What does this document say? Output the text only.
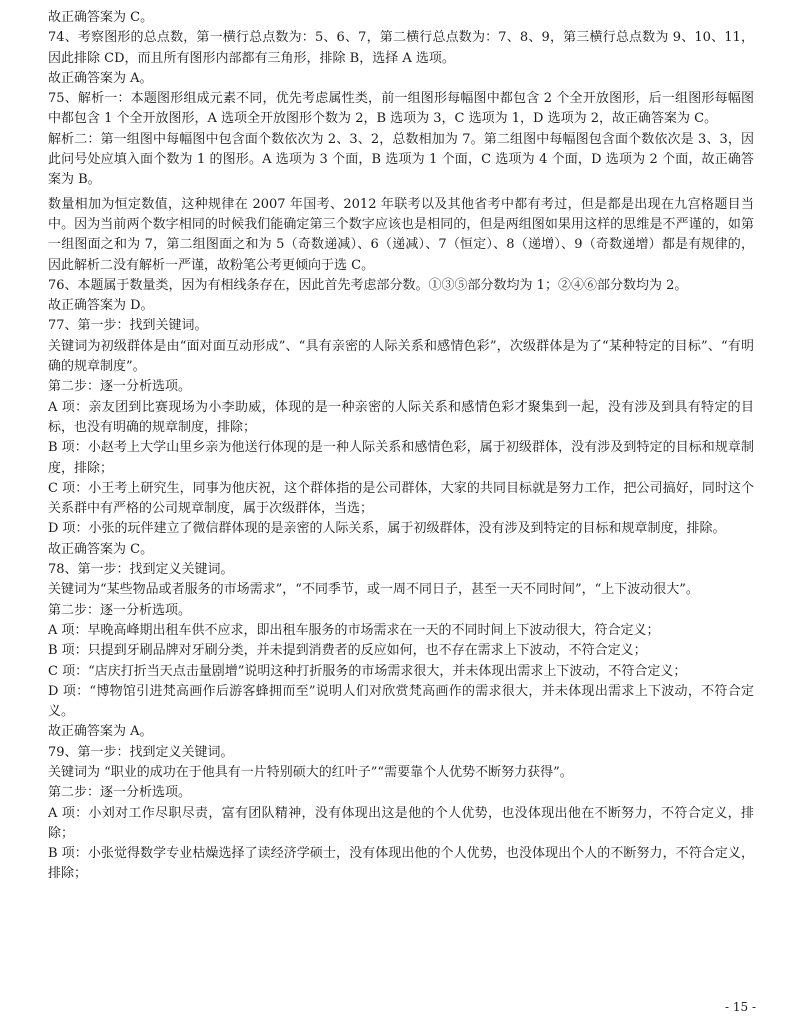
故正确答案为 C。

74、考察图形的总点数，第一横行总点数为：5、6、7，第二横行总点数为：7、8、9，第三横行总点数为 9、10、11，因此排除 CD，而且所有图形内部都有三角形，排除 B，选择 A 选项。

故正确答案为 A。

75、解析一：本题图形组成元素不同，优先考虑属性类，前一组图形每幅图中都包含 2 个全开放图形，后一组图形每幅图中都包含 1 个全开放图形，A 选项全开放图形个数为 2，B 选项为 3，C 选项为 1，D 选项为 2，故正确答案为 C。

解析二：第一组图中每幅图中包含面个数依次为 2、3、2，总数相加为 7。第二组图中每幅图包含面个数依次是 3、3，因此问号处应填入面个数为 1 的图形。A 选项为 3 个面，B 选项为 1 个面，C 选项为 4 个面，D 选项为 2 个面，故正确答案为 B。

数量相加为恒定数值，这种规律在 2007 年国考、2012 年联考以及其他省考中都有考过，但是都是出现在九宫格题目当中。因为当前两个数字相同的时候我们能确定第三个数字应该也是相同的，但是两组图如果用这样的思维是不严谨的，如第一组图面之和为 7，第二组图面之和为 5（奇数递减）、6（递减）、7（恒定）、8（递增）、9（奇数递增）都是有规律的，因此解析二没有解析一严谨，故粉笔公考更倾向于选 C。

76、本题属于数量类，因为有相线条存在，因此首先考虑部分数。①③⑤部分数均为 1；②④⑥部分数均为 2。

故正确答案为 D。

77、第一步：找到关键词。

关键词为初级群体是由“面对面互动形成”、“具有亲密的人际关系和感情色彩”，次级群体是为了“某种特定的目标”、“有明确的规章制度”。

第二步：逐一分析选项。

A 项：亲友团到比赛现场为小李助威，体现的是一种亲密的人际关系和感情色彩才聚集到一起，没有涉及到具有特定的目标，也没有明确的规章制度，排除；

B 项：小赵考上大学山里乡亲为他送行体现的是一种人际关系和感情色彩，属于初级群体，没有涉及到特定的目标和规章制度，排除；

C 项：小王考上研究生，同事为他庆祝，这个群体指的是公司群体，大家的共同目标就是努力工作，把公司搞好，同时这个关系群中有严格的公司规章制度，属于次级群体，当选；

D 项：小张的玩伴建立了微信群体现的是亲密的人际关系，属于初级群体，没有涉及到特定的目标和规章制度，排除。

故正确答案为 C。

78、第一步：找到定义关键词。

关键词为“某些物品或者服务的市场需求”，“不同季节，或一周不同日子，甚至一天不同时间”，“上下波动很大”。

第二步：逐一分析选项。

A 项：早晚高峰期出租车供不应求，即出租车服务的市场需求在一天的不同时间上下波动很大，符合定义；

B 项：只提到牙刷品牌对牙刷分类，并未提到消费者的反应如何，也不存在需求上下波动，不符合定义；

C 项：“店庆打折当天点击量剧增”说明这种打折服务的市场需求很大，并未体现出需求上下波动，不符合定义；

D 项：“博物馆引进梵高画作后游客蜂拥而至”说明人们对欣赏梵高画作的需求很大，并未体现出需求上下波动，不符合定义。

故正确答案为 A。

79、第一步：找到定义关键词。

关键词为 “职业的成功在于他具有一片特别硕大的红叶子”“需要靠个人优势不断努力获得”。

第二步：逐一分析选项。

A 项：小刘对工作尽职尽责，富有团队精神，没有体现出这是他的个人优势，也没体现出他在不断努力，不符合定义，排除；

B 项：小张觉得数学专业枯燥选择了读经济学硕士，没有体现出他的个人优势，也没体现出个人的不断努力，不符合定义，排除；

- 15 -
